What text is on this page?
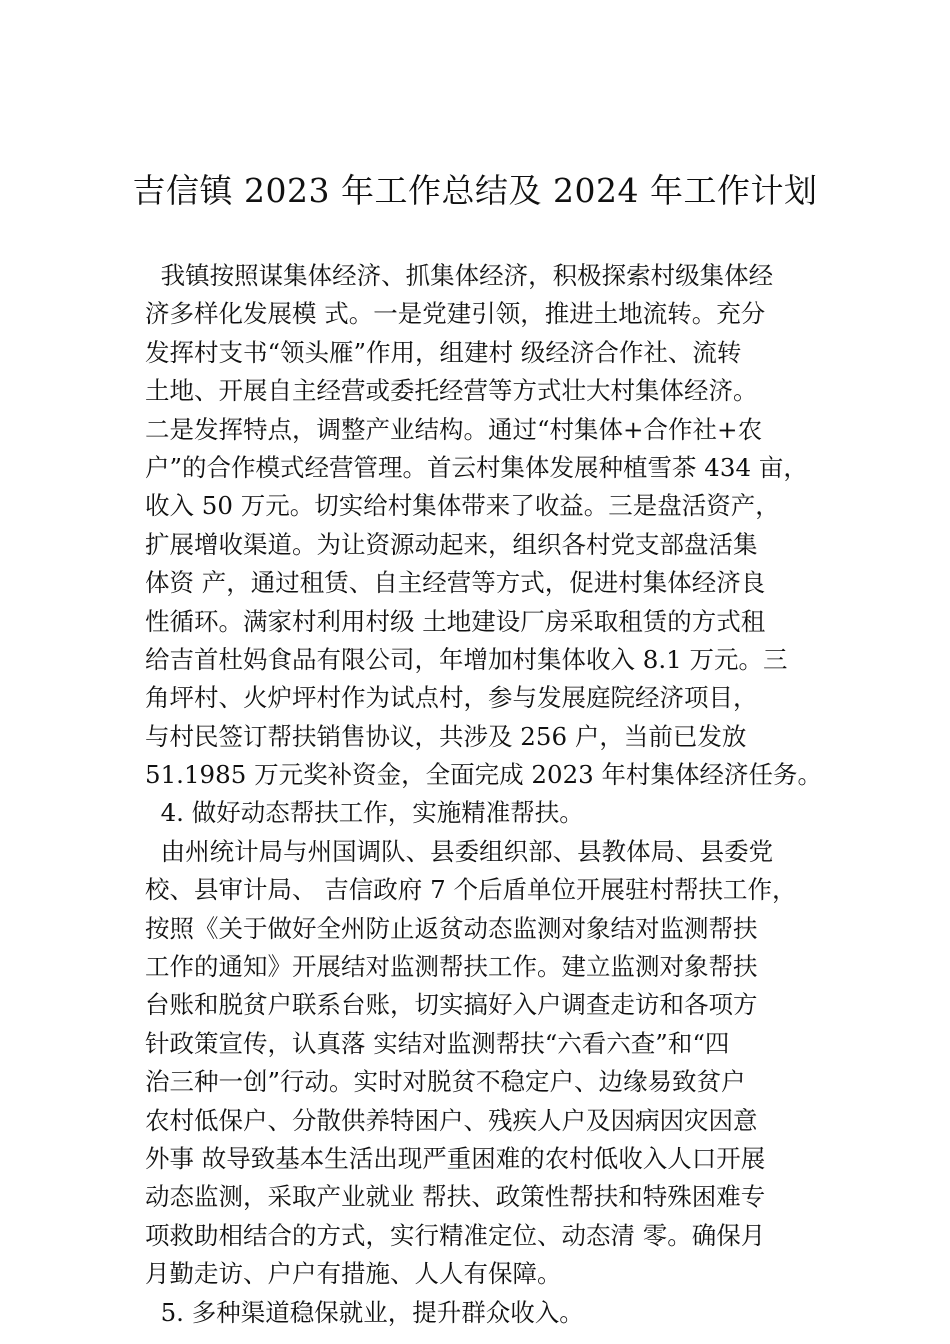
吉信镇 2023 年工作总结及 2024 年工作计划
我镇按照谋集体经济、抓集体经济，积极探索村级集体经
济多样化发展模 式。一是党建引领，推进土地流转。充分
发挥村支书“领头雁”作用，组建村 级经济合作社、流转
土地、开展自主经营或委托经营等方式壮大村集体经济。
二是发挥特点，调整产业结构。通过“村集体+合作社+农
户”的合作模式经营管理。首云村集体发展种植雪茶 434 亩，
收入 50 万元。切实给村集体带来了收益。三是盘活资产，
扩展增收渠道。为让资源动起来，组织各村党支部盘活集
体资 产，通过租赁、自主经营等方式，促进村集体经济良
性循环。满家村利用村级 土地建设厂房采取租赁的方式租
给吉首杜妈食品有限公司，年增加村集体收入 8.1 万元。三
角坪村、火炉坪村作为试点村，参与发展庭院经济项目，
与村民签订帮扶销售协议，共涉及 256 户，当前已发放
51.1985 万元奖补资金，全面完成 2023 年村集体经济任务。
4. 做好动态帮扶工作，实施精准帮扶。
由州统计局与州国调队、县委组织部、县教体局、县委党
校、县审计局、 吉信政府 7 个后盾单位开展驻村帮扶工作，
按照《关于做好全州防止返贫动态监测对象结对监测帮扶
工作的通知》开展结对监测帮扶工作。建立监测对象帮扶
台账和脱贫户联系台账，切实搞好入户调查走访和各项方
针政策宣传，认真落 实结对监测帮扶“六看六查”和“四
治三种一创”行动。实时对脱贫不稳定户、边缘易致贫户
农村低保户、分散供养特困户、残疾人户及因病因灾因意
外事 故导致基本生活出现严重困难的农村低收入人口开展
动态监测，采取产业就业 帮扶、政策性帮扶和特殊困难专
项救助相结合的方式，实行精准定位、动态清 零。确保月
月勤走访、户户有措施、人人有保障。
5. 多种渠道稳保就业，提升群众收入。
